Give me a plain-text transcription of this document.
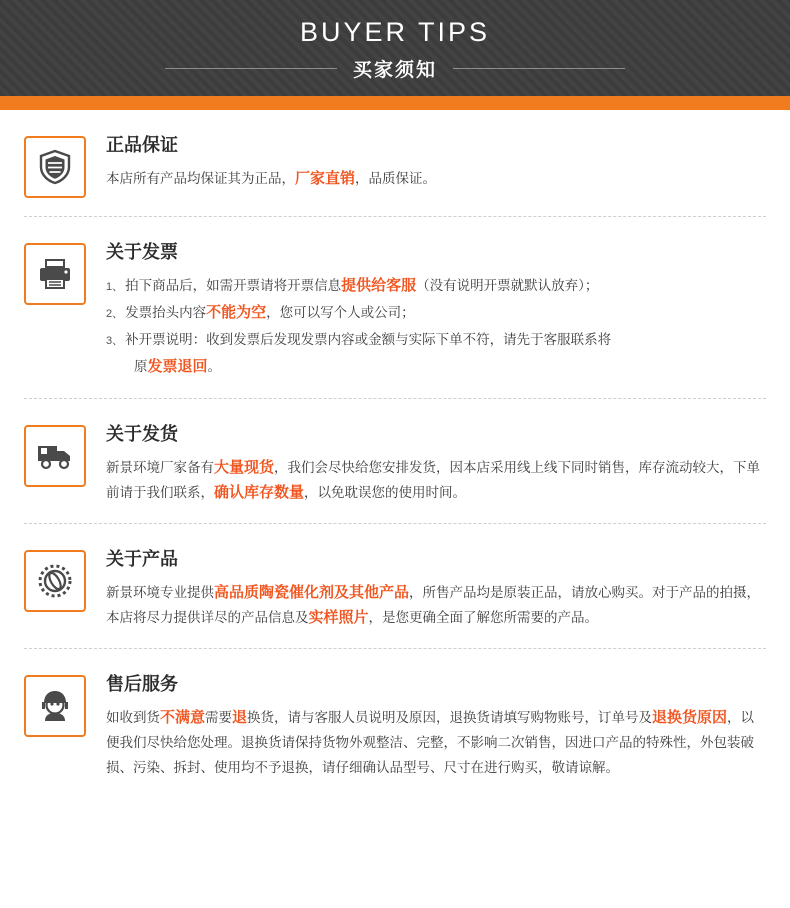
BUYER TIPS
买家须知
正品保证

本店所有产品均保证其为正品，厂家直销，品质保证。

关于发票
1、 拍下商品后，如需开票请将开票信息提供给客服（没有说明开票就默认放弃）；
2、 发票抬头内容不能为空，您可以写个人或公司；
3、 补开票说明：收到发票后发现发票内容或金额与实际下单不符，请先于客服联系将
原发票退回。
关于发货

新景环境厂家备有大量现货，我们会尽快给您安排发货，因本店采用线上线下同时销售，库存流动较大，下单前请于我们联系，确认库存数量，以免耽误您的使用时间。

关于产品

新景环境专业提供高品质陶瓷催化剂及其他产品，所售产品均是原装正品，请放心购买。对于产品的拍摄，本店将尽力提供详尽的产品信息及实样照片，是您更确全面了解您所需要的产品。

售后服务

如收到货不满意需要退换货，请与客服人员说明及原因，退换货请填写购物账号，订单号及退换货原因，以便我们尽快给您处理。退换货请保持货物外观整洁、完整，不影响二次销售，因进口产品的特殊性，外包装破损、污染、拆封、使用均不予退换，请仔细确认品型号、尺寸在进行购买，敬请谅解。
